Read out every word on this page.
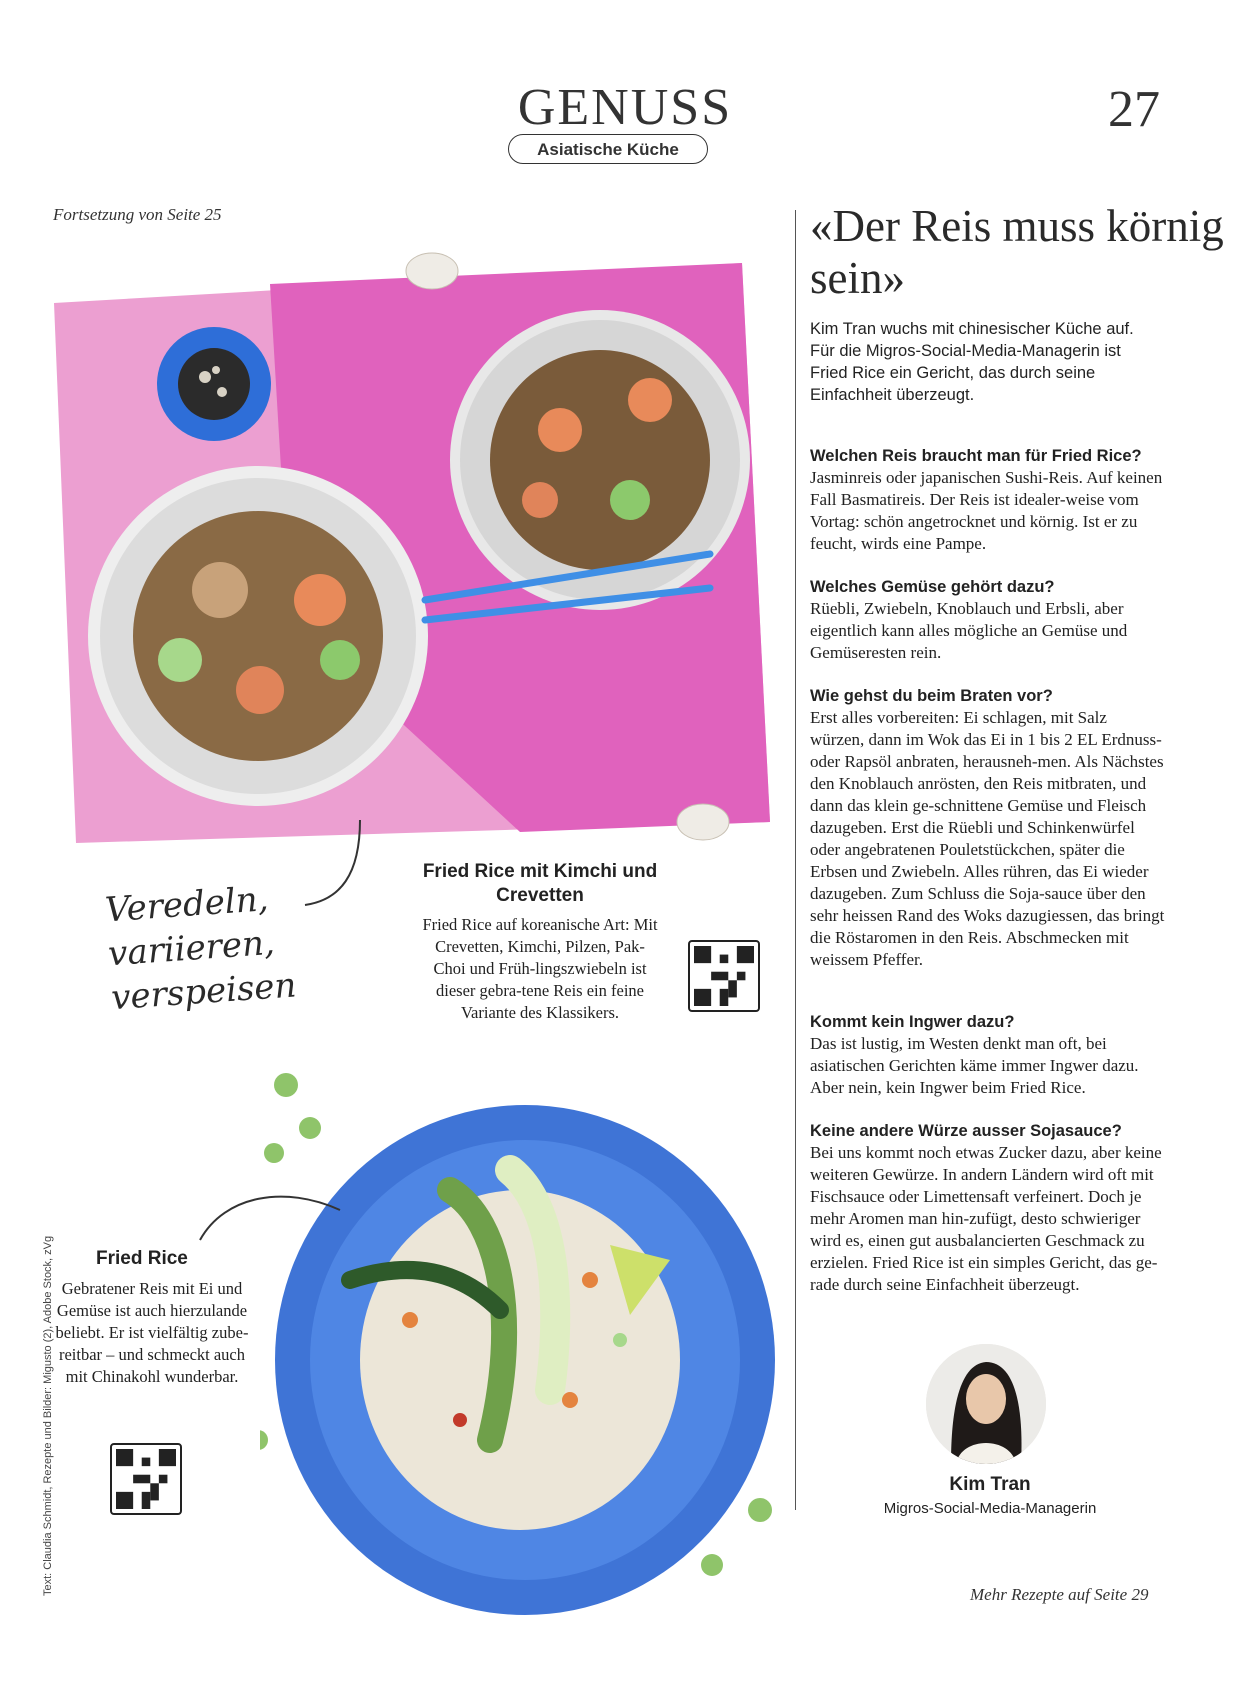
GENUSS
Asiatische Küche
27
Fortsetzung von Seite 25
Veredeln,
variieren,
verspeisen
Fried Rice mit Kimchi und Crevetten
Fried Rice auf koreanische Art: Mit Crevetten, Kimchi, Pilzen, Pak-Choi und Früh-lingszwiebeln ist dieser gebra-tene Reis ein feine Variante des Klassikers.
Fried Rice
Gebratener Reis mit Ei und Gemüse ist auch hierzulande beliebt. Er ist vielfältig zube-reitbar – und schmeckt auch mit Chinakohl wunderbar.
Text: Claudia Schmidt, Rezepte und Bilder: Migusto (2), Adobe Stock, zVg
«Der Reis muss körnig sein»
Kim Tran wuchs mit chinesischer Küche auf. Für die Migros-Social-Media-Managerin ist Fried Rice ein Gericht, das durch seine Einfachheit überzeugt.
Welchen Reis braucht man für Fried Rice?
Jasminreis oder japanischen Sushi-Reis. Auf keinen Fall Basmatireis. Der Reis ist idealer-weise vom Vortag: schön angetrocknet und körnig. Ist er zu feucht, wirds eine Pampe.
Welches Gemüse gehört dazu?
Rüebli, Zwiebeln, Knoblauch und Erbsli, aber eigentlich kann alles mögliche an Gemüse und Gemüseresten rein.
Wie gehst du beim Braten vor?
Erst alles vorbereiten: Ei schlagen, mit Salz würzen, dann im Wok das Ei in 1 bis 2 EL Erdnuss- oder Rapsöl anbraten, herausneh-men. Als Nächstes den Knoblauch anrösten, den Reis mitbraten, und dann das klein ge-schnittene Gemüse und Fleisch dazugeben. Erst die Rüebli und Schinkenwürfel oder angebratenen Pouletstückchen, später die Erbsen und Zwiebeln. Alles rühren, das Ei wieder dazugeben. Zum Schluss die Soja-sauce über den sehr heissen Rand des Woks dazugiessen, das bringt die Röstaromen in den Reis. Abschmecken mit weissem Pfeffer.
Kommt kein Ingwer dazu?
Das ist lustig, im Westen denkt man oft, bei asiatischen Gerichten käme immer Ingwer dazu. Aber nein, kein Ingwer beim Fried Rice.
Keine andere Würze ausser Sojasauce?
Bei uns kommt noch etwas Zucker dazu, aber keine weiteren Gewürze. In andern Ländern wird oft mit Fischsauce oder Limettensaft verfeinert. Doch je mehr Aromen man hin-zufügt, desto schwieriger wird es, einen gut ausbalancierten Geschmack zu erzielen. Fried Rice ist ein simples Gericht, das ge-rade durch seine Einfachheit überzeugt.
Kim Tran
Migros-Social-Media-Managerin
Mehr Rezepte auf Seite 29
